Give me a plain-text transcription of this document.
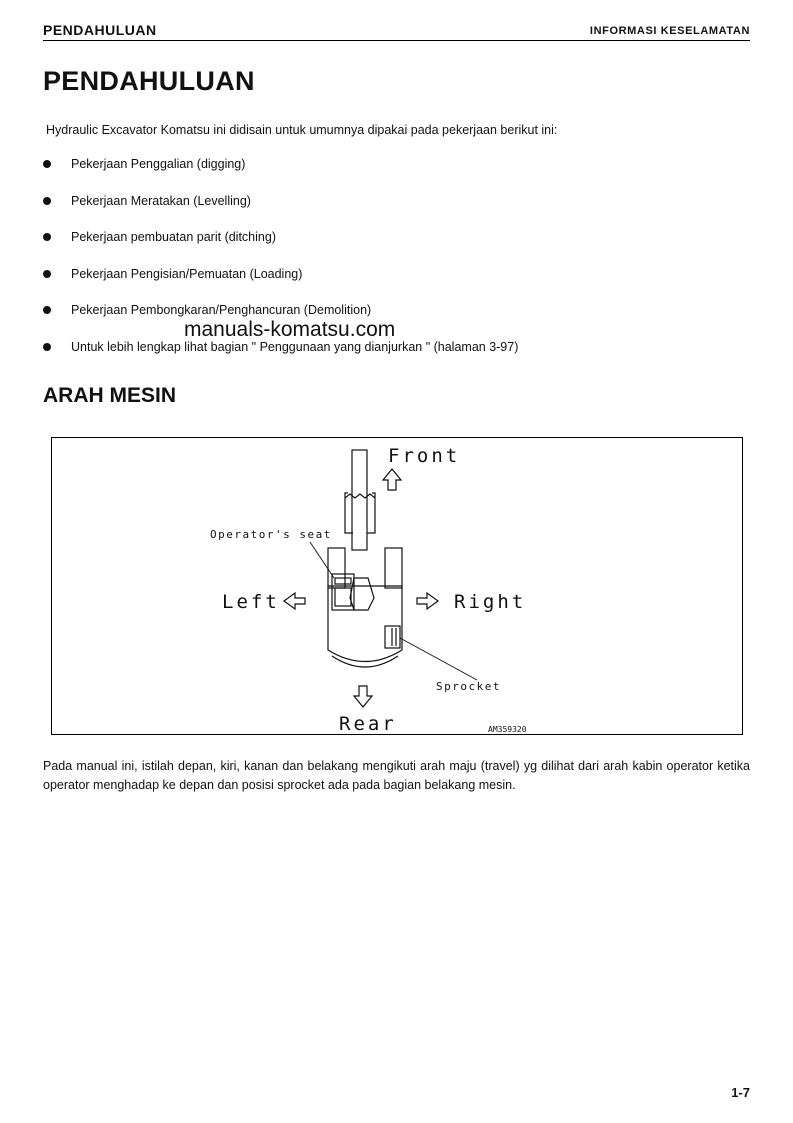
PENDAHULUAN	INFORMASI KESELAMATAN
PENDAHULUAN

Hydraulic Excavator Komatsu ini didisain untuk umumnya dipakai pada pekerjaan berikut ini:

Pekerjaan Penggalian (digging)
Pekerjaan Meratakan (Levelling)
Pekerjaan pembuatan parit (ditching)
Pekerjaan Pengisian/Pemuatan (Loading)
Pekerjaan Pembongkaran/Penghancuran (Demolition)
Untuk lebih lengkap lihat bagian " Penggunaan yang dianjurkan " (halaman 3-97)
manuals-komatsu.com
ARAH MESIN
Front
Left	Right
Rear
Operator's seat
Sprocket
AM359320

Pada manual ini, istilah depan, kiri, kanan dan belakang mengikuti arah maju (travel) yg dilihat dari arah kabin operator ketika operator menghadap ke depan dan posisi sprocket ada pada bagian belakang mesin.

1-7
